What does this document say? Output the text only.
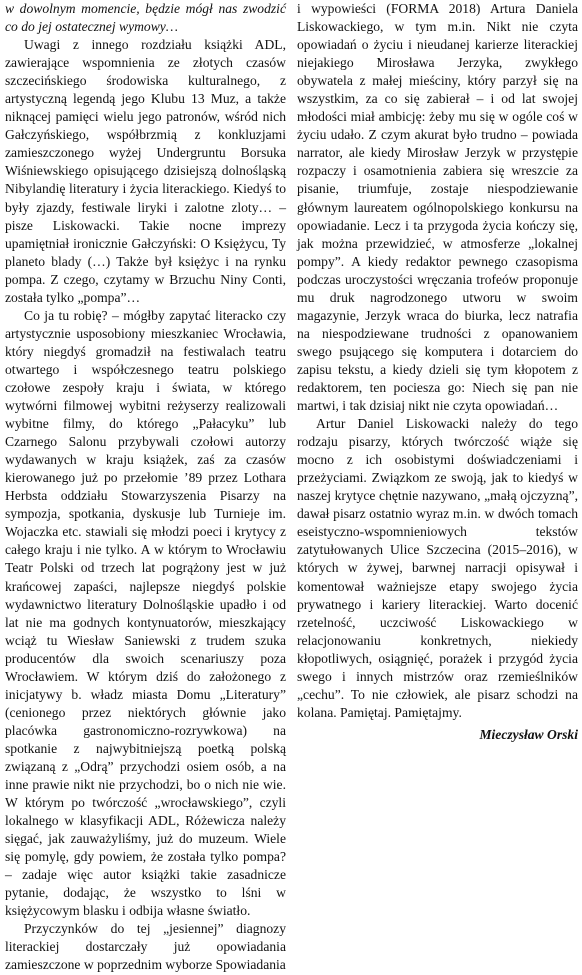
w dowolnym momencie, będzie mógł nas zwodzić co do jej ostatecznej wymowy…

Uwagi z innego rozdziału książki ADL, zawierające wspomnienia ze złotych czasów szczecińskiego środowiska kulturalnego, z artystyczną legendą jego Klubu 13 Muz, a także niknącej pamięci wielu jego patronów, wśród nich Gałczyńskiego, współbrzmią z konkluzjami zamieszczonego wyżej Undergruntu Borsuka Wiśniewskiego opisującego dzisiejszą dolnośląską Nibylandię literatury i życia literackiego. Kiedyś to były zjazdy, festiwale liryki i zalotne zloty… – pisze Liskowacki. Takie nocne imprezy upamiętniał ironicznie Gałczyński: O Księżycu, Ty planeto blady (…) Także był księżyc i na rynku pompa. Z czego, czytamy w Brzuchu Niny Conti, została tylko „pompa”…

Co ja tu robię? – mógłby zapytać literacko czy artystycznie usposobiony mieszkaniec Wrocławia, który niegdyś gromadził na festiwalach teatru otwartego i współczesnego teatru polskiego czołowe zespoły kraju i świata, w którego wytwórni filmowej wybitni reżyserzy realizowali wybitne filmy, do którego „Pałacyku” lub Czarnego Salonu przybywali czołowi autorzy wydawanych w kraju książek, zaś za czasów kierowanego już po przełomie ’89 przez Lothara Herbsta oddziału Stowarzyszenia Pisarzy na sympozja, spotkania, dyskusje lub Turnieje im. Wojaczka etc. stawiali się młodzi poeci i krytycy z całego kraju i nie tylko. A w którym to Wrocławiu Teatr Polski od trzech lat pogrążony jest w już krańcowej zapaści, najlepsze niegdyś polskie wydawnictwo literatury Dolnośląskie upadło i od lat nie ma godnych kontynuatorów, mieszkający wciąż tu Wiesław Saniewski z trudem szuka producentów dla swoich scenariuszy poza Wrocławiem. W którym dziś do założonego z inicjatywy b. władz miasta Domu „Literatury” (cenionego przez niektórych głównie jako placówka gastronomiczno-rozrywkowa) na spotkanie z najwybitniejszą poetką polską związaną z „Odrą” przychodzi osiem osób, a na inne prawie nikt nie przychodzi, bo o nich nie wie. W którym po twórczość „wrocławskiego”, czyli lokalnego w klasyfikacji ADL, Różewicza należy sięgać, jak zauważyliśmy, już do muzeum. Wiele się pomylę, gdy powiem, że została tylko pompa? – zadaje więc autor książki takie zasadnicze pytanie, dodając, że wszystko to lśni w księżycowym blasku i odbija własne światło.

Przyczynków do tej „jesiennej” diagnozy literackiej dostarczały już opowiadania zamieszczone w poprzednim wyborze Spowiadania

i wypowieści (FORMA 2018) Artura Daniela Liskowackiego, w tym m.in. Nikt nie czyta opowiadań o życiu i nieudanej karierze literackiej niejakiego Mirosława Jerzyka, zwykłego obywatela z małej mieściny, który parzył się na wszystkim, za co się zabierał – i od lat swojej młodości miał ambicję: żeby mu się w ogóle coś w życiu udało. Z czym akurat było trudno – powiada narrator, ale kiedy Mirosław Jerzyk w przystępie rozpaczy i osamotnienia zabiera się wreszcie za pisanie, triumfuje, zostaje niespodziewanie głównym laureatem ogólnopolskiego konkursu na opowiadanie. Lecz i ta przygoda życia kończy się, jak można przewidzieć, w atmosferze „lokalnej pompy”. A kiedy redaktor pewnego czasopisma podczas uroczystości wręczania trofeów proponuje mu druk nagrodzonego utworu w swoim magazynie, Jerzyk wraca do biurka, lecz natrafia na niespodziewane trudności z opanowaniem swego psującego się komputera i dotarciem do zapisu tekstu, a kiedy dzieli się tym kłopotem z redaktorem, ten pociesza go: Niech się pan nie martwi, i tak dzisiaj nikt nie czyta opowiadań…

Artur Daniel Liskowacki należy do tego rodzaju pisarzy, których twórczość wiąże się mocno z ich osobistymi doświadczeniami i przeżyciami. Związkom ze swoją, jak to kiedyś w naszej krytyce chętnie nazywano, „małą ojczyzną”, dawał pisarz ostatnio wyraz m.in. w dwóch tomach eseistyczno-wspomnieniowych tekstów zatytułowanych Ulice Szczecina (2015–2016), w których w żywej, barwnej narracji opisywał i komentował ważniejsze etapy swojego życia prywatnego i kariery literackiej. Warto docenić rzetelność, uczciwość Liskowackiego w relacjonowaniu konkretnych, niekiedy kłopotliwych, osiągnięć, porażek i przygód życia swego i innych mistrzów oraz rzemieślników „cechu”. To nie człowiek, ale pisarz schodzi na kolana. Pamiętaj. Pamiętajmy.

Mieczysław Orski
